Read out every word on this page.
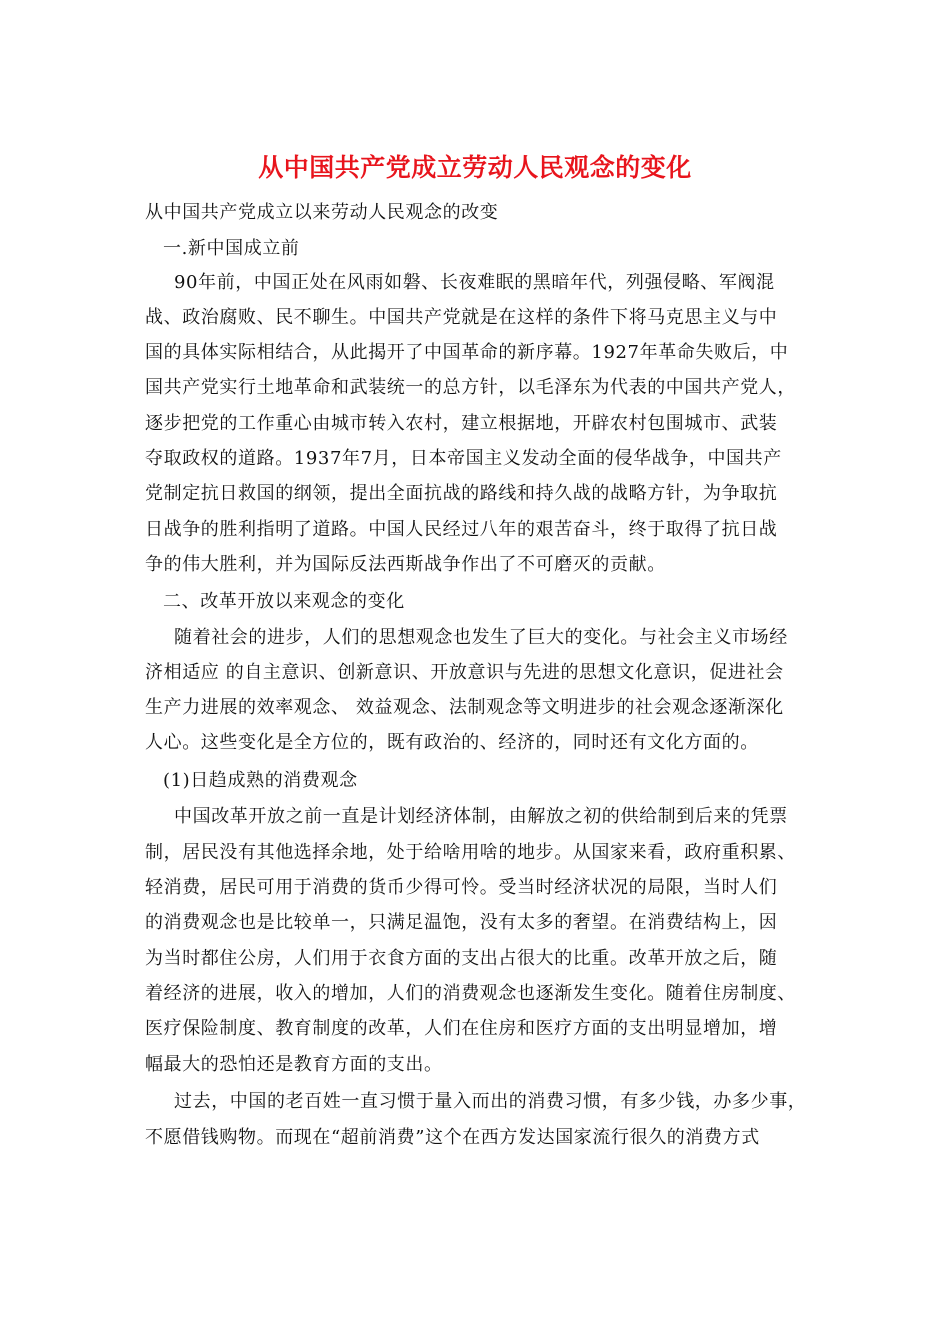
从中国共产党成立劳动人民观念的变化
从中国共产党成立以来劳动人民观念的改变
一.新中国成立前
90年前，中国正处在风雨如磐、长夜难眠的黑暗年代，列强侵略、军阀混
战、政治腐败、民不聊生。中国共产党就是在这样的条件下将马克思主义与中
国的具体实际相结合，从此揭开了中国革命的新序幕。1927年革命失败后，中
国共产党实行土地革命和武装统一的总方针，以毛泽东为代表的中国共产党人，
逐步把党的工作重心由城市转入农村，建立根据地，开辟农村包围城市、武装
夺取政权的道路。1937年7月，日本帝国主义发动全面的侵华战争，中国共产
党制定抗日救国的纲领，提出全面抗战的路线和持久战的战略方针，为争取抗
日战争的胜利指明了道路。中国人民经过八年的艰苦奋斗，终于取得了抗日战
争的伟大胜利，并为国际反法西斯战争作出了不可磨灭的贡献。
二、改革开放以来观念的变化
随着社会的进步，人们的思想观念也发生了巨大的变化。与社会主义市场经
济相适应 的自主意识、创新意识、开放意识与先进的思想文化意识，促进社会
生产力进展的效率观念、 效益观念、法制观念等文明进步的社会观念逐渐深化
人心。这些变化是全方位的，既有政治的、经济的，同时还有文化方面的。
(1)日趋成熟的消费观念
中国改革开放之前一直是计划经济体制，由解放之初的供给制到后来的凭票
制，居民没有其他选择余地，处于给啥用啥的地步。从国家来看，政府重积累、
轻消费，居民可用于消费的货币少得可怜。受当时经济状况的局限，当时人们
的消费观念也是比较单一，只满足温饱，没有太多的奢望。在消费结构上，因
为当时都住公房，人们用于衣食方面的支出占很大的比重。改革开放之后，随
着经济的进展，收入的增加，人们的消费观念也逐渐发生变化。随着住房制度、
医疗保险制度、教育制度的改革，人们在住房和医疗方面的支出明显增加，增
幅最大的恐怕还是教育方面的支出。
过去，中国的老百姓一直习惯于量入而出的消费习惯，有多少钱，办多少事，
不愿借钱购物。而现在“超前消费”这个在西方发达国家流行很久的消费方式
